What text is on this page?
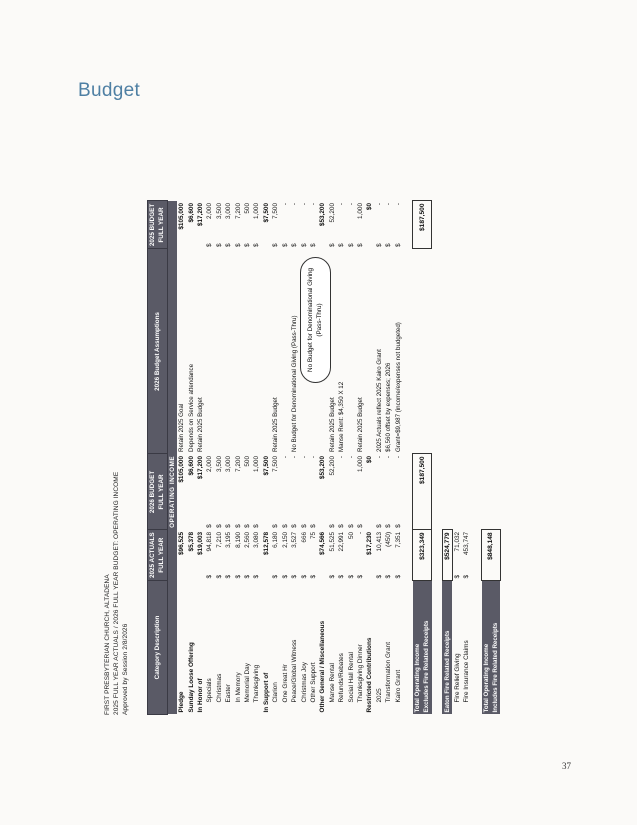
Budget
FIRST PRESBYTERIAN CHURCH, ALTADENA 2025 FULL YEAR ACTUALS / 2026 FULL YEAR BUDGET: OPERATING INCOME Approved by Session 2/8/2026	Category Description	2025 ACTUALS FULL YEAR		2026 BUDGET FULL YEAR		2026 Budget Assumptions	2025 BUDGET FULL YEAR	
			OPERATING INCOME				
Pledge		$96,525		$105,000	Retain 2025 Goal		$105,000
Sunday Loose Offering		$5,378		$6,600	Depends on Service attendance		$6,600
In Honor of		$19,003		$17,200	Retain 2025 Budget		$17,200
Specials	$	94,818	$	2,000		$	2,000
Christmas	$	7,210	$	3,500		$	3,500
Easter	$	3,195	$	3,000		$	3,000
In Memory	$	8,190	$	7,200		$	7,200
Memorial Day	$	2,560	$	500		$	500
Thanksgiving	$	3,080	$	1,000		$	1,000
In Support of		$12,578		$7,500			$7,500
Clarion	$	6,180	$	7,500	Retain 2025 Budget	$	7,500
One Great Hr	$	2,150	$	-		$	-
Peace/Global Witness	$	3,527	$	-	No Budget for Denominational Giving (Pass-Thru)	$	-
Christmas Joy	$	666	$	-		$	-
Other Support	$	75	$	-		$	-
Other General / Miscellaneous		$74,566		$53,200			$53,200
Manse Rental	$	51,525	$	52,200	Retain 2025 Budget	$	52,200
Refunds/Rebates	$	22,991	$	-	Manse Rent: $4,350 X 12	$	-
Social Hall Rental	$	50	$	-		$	-
Thanksgiving Dinner	$	-	$	1,000	Retain 2025 Budget	$	1,000
Restricted Contributions		$17,230		$0			$0
2025	$	10,413	$	-	2025 Actuals reflect 2025 Kairo Grant	$	-
Transformation Grant	$	(450)	$	-	$6,560 offset by expenses; 2026	$	-
Kairo Grant	$	7,351	$	-	Grant=$9,987 (income/expenses not budgeted)	$	-

Total Operating Income Excludes Fire Related Receipts	$323,349		$187,500			$187,500	

Eaton Fire Related Receipts	$524,779						
Fire Relief Giving	$	71,032					
Fire Insurance Claims	$	453,747					

Total Operating Income Includes Fire Related Receipts	$848,148						
No Budget for Denominational Giving (Pass-Thru)
37
